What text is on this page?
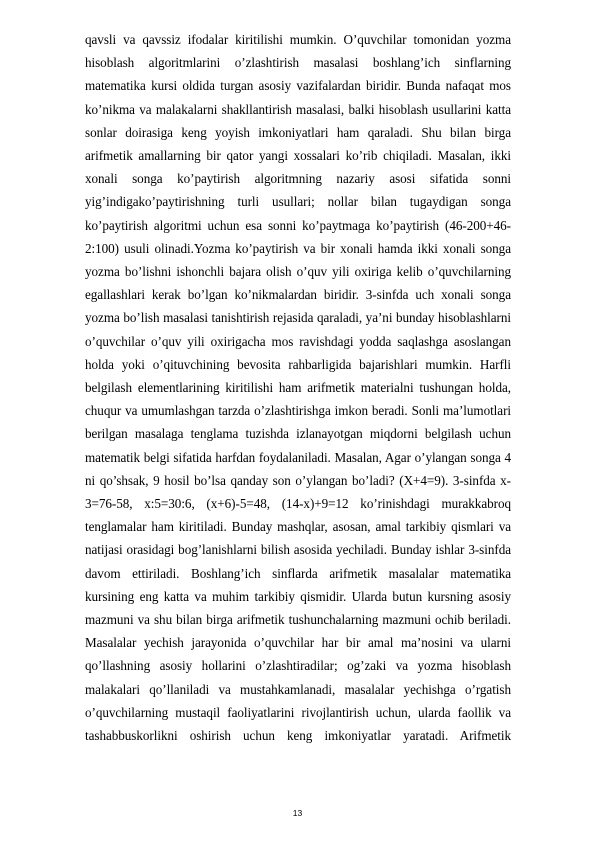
qavsli va qavssiz ifodalar kiritilishi mumkin. O’quvchilar tomonidan yozma hisoblash algoritmlarini o’zlashtirish masalasi boshlang’ich sinflarning matematika kursi oldida turgan asosiy vazifalardan biridir. Bunda nafaqat mos ko’nikma va malakalarni shakllantirish masalasi, balki hisoblash usullarini katta sonlar doirasiga keng yoyish imkoniyatlari ham qaraladi. Shu bilan birga arifmetik amallarning bir qator yangi xossalari ko’rib chiqiladi. Masalan, ikki xonali songa ko’paytirish algoritmning nazariy asosi sifatida sonni yig’indigako’paytirishning turli usullari; nollar bilan tugaydigan songa ko’paytirish algoritmi uchun esa sonni ko’paytmaga ko’paytirish (46-200+46-2:100) usuli olinadi.Yozma ko’paytirish va bir xonali hamda ikki xonali songa yozma bo’lishni ishonchli bajara olish o’quv yili oxiriga kelib o’quvchilarning egallashlari kerak bo’lgan ko’nikmalardan biridir. 3-sinfda uch xonali songa yozma bo’lish masalasi tanishtirish rejasida qaraladi, ya’ni bunday hisoblashlarni o’quvchilar o’quv yili oxirigacha mos ravishdagi yodda saqlashga asoslangan holda yoki o’qituvchining bevosita rahbarligida bajarishlari mumkin. Harfli belgilash elementlarining kiritilishi ham arifmetik materialni tushungan holda, chuqur va umumlashgan tarzda o’zlashtirishga imkon beradi. Sonli ma’lumotlari berilgan masalaga tenglama tuzishda izlanayotgan miqdorni belgilash uchun matematik belgi sifatida harfdan foydalaniladi. Masalan, Agar o’ylangan songa 4 ni qo’shsak, 9 hosil bo’lsa qanday son o’ylangan bo’ladi? (X+4=9). 3-sinfda x-3=76-58, x:5=30:6, (x+6)-5=48, (14-x)+9=12 ko’rinishdagi murakkabroq tenglamalar ham kiritiladi. Bunday mashqlar, asosan, amal tarkibiy qismlari va natijasi orasidagi bog’lanishlarni bilish asosida yechiladi. Bunday ishlar 3-sinfda davom ettiriladi. Boshlang’ich sinflarda arifmetik masalalar matematika kursining eng katta va muhim tarkibiy qismidir. Ularda butun kursning asosiy mazmuni va shu bilan birga arifmetik tushunchalarning mazmuni ochib beriladi. Masalalar yechish jarayonida o’quvchilar har bir amal ma’nosini va ularni qo’llashning asosiy hollarini o’zlashtiradilar; og’zaki va yozma hisoblash malakalari qo’llaniladi va mustahkamlanadi, masalalar yechishga o’rgatish o’quvchilarning mustaqil faoliyatlarini rivojlantirish uchun, ularda faollik va tashabbuskorlikni oshirish uchun keng imkoniyatlar yaratadi. Arifmetik

13
